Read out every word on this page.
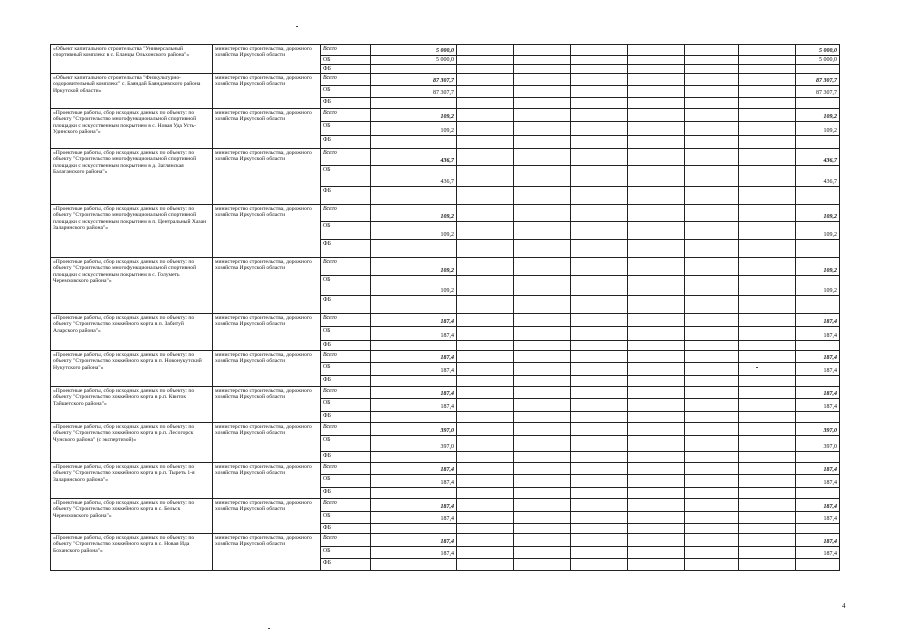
«Объект капитального строительства "Универсальный спортивный комплекс в с. Еланцы Ольхонского района"»	министерство строительства, дорожного хозяйства Иркутской области	Всего	5 000,0							5 000,0
		ОБ	5 000,0							5 000,0
		ФБ								
«Объект капитального строительства "Физкультурно-оздоровительный комплекс" с. Баяндай Баяндаевского района Иркутской области»	министерство строительства, дорожного хозяйства Иркутской области	Всего	87 307,7							87 307,7
		ОБ	87 307,7							87 307,7
		ФБ								
«Проектные работы, сбор исходных данных по объекту: по объекту "Строительство многофункциональной спортивной площадки с искусственным покрытием в с. Новая Уда Усть-Удинского района"»	министерство строительства, дорожного хозяйства Иркутской области	Всего	109,2							109,2
		ОБ	109,2							109,2
		ФБ								
«Проектные работы, сбор исходных данных по объекту: по объекту "Строительство многофункциональной спортивной площадки с искусственным покрытием в д. Заглянская Балаганского района"»	министерство строительства, дорожного хозяйства Иркутской области	Всего	436,7							436,7
		ОБ	436,7							436,7
		ФБ								
«Проектные работы, сбор исходных данных по объекту: по объекту "Строительство многофункциональной спортивной площадки с искусственным покрытием в п. Центральный Хазан Заларинского района"»	министерство строительства, дорожного хозяйства Иркутской области	Всего	109,2							109,2
		ОБ	109,2							109,2
		ФБ								
«Проектные работы, сбор исходных данных по объекту: по объекту "Строительство многофункциональной спортивной площадки с искусственным покрытием в с. Голуметь Черемховского района"»	министерство строительства, дорожного хозяйства Иркутской области	Всего	109,2							109,2
		ОБ	109,2							109,2
		ФБ								
«Проектные работы, сбор исходных данных по объекту: по объекту "Строительство хоккейного корта в п. Забитуй Аларского района"»	министерство строительства, дорожного хозяйства Иркутской области	Всего	187,4							187,4
		ОБ	187,4							187,4
		ФБ								
«Проектные работы, сбор исходных данных по объекту: по объекту "Строительство хоккейного корта в п. Новонукутский Нукутского района"»	министерство строительства, дорожного хозяйства Иркутской области	Всего	187,4							187,4
		ОБ	187,4							187,4
		ФБ								
«Проектные работы, сбор исходных данных по объекту: по объекту "Строительство хоккейного корта в р.п. Квиток Тайшетского района"»	министерство строительства, дорожного хозяйства Иркутской области	Всего	187,4							187,4
		ОБ	187,4							187,4
		ФБ								
«Проектные работы, сбор исходных данных по объекту: по объекту "Строительство хоккейного корта в р.п. Лесогорск Чунского района" (с экспертизой)»	министерство строительства, дорожного хозяйства Иркутской области	Всего	397,0							397,0
		ОБ	397,0							397,0
		ФБ								
«Проектные работы, сбор исходных данных по объекту: по объекту "Строительство хоккейного корта в р.п. Тыреть 1-я Заларинского района"»	министерство строительства, дорожного хозяйства Иркутской области	Всего	187,4							187,4
		ОБ	187,4							187,4
		ФБ								
«Проектные работы, сбор исходных данных по объекту: по объекту "Строительство хоккейного корта в с. Бельск Черемховского района"»	министерство строительства, дорожного хозяйства Иркутской области	Всего	187,4							187,4
		ОБ	187,4							187,4
		ФБ								
«Проектные работы, сбор исходных данных по объекту: по объекту "Строительство хоккейного корта в с. Новая Ида Боханского района"»	министерство строительства, дорожного хозяйства Иркутской области	Всего	187,4							187,4
		ОБ	187,4							187,4
		ФБ								
4
